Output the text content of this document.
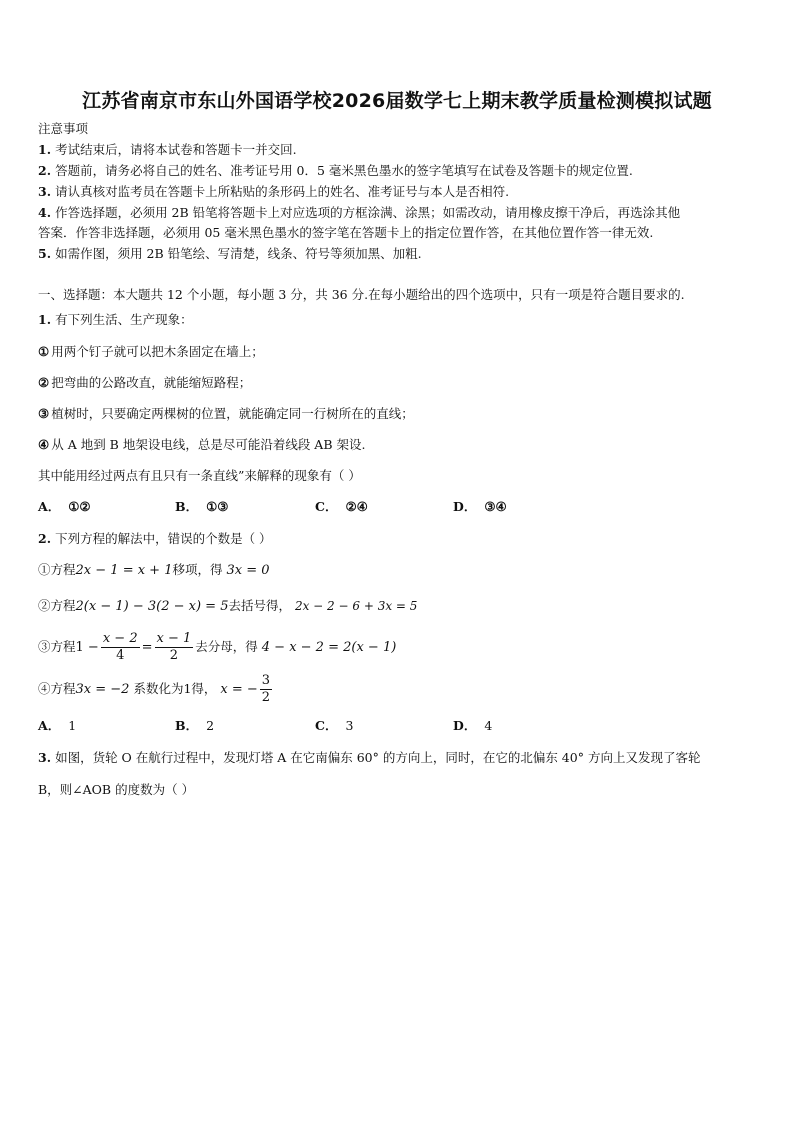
江苏省南京市东山外国语学校2026届数学七上期末教学质量检测模拟试题
注意事项
1. 考试结束后，请将本试卷和答题卡一并交回.
2. 答题前，请务必将自己的姓名、准考证号用 0．5 毫米黑色墨水的签字笔填写在试卷及答题卡的规定位置.
3. 请认真核对监考员在答题卡上所粘贴的条形码上的姓名、准考证号与本人是否相符.
4. 作答选择题，必须用 2B 铅笔将答题卡上对应选项的方框涂满、涂黑；如需改动，请用橡皮擦干净后，再选涂其他
答案．作答非选择题，必须用 05 毫米黑色墨水的签字笔在答题卡上的指定位置作答，在其他位置作答一律无效.
5. 如需作图，须用 2B 铅笔绘、写清楚，线条、符号等须加黑、加粗.
一、选择题：本大题共 12 个小题，每小题 3 分，共 36 分.在每小题给出的四个选项中，只有一项是符合题目要求的.
1. 有下列生活、生产现象：
① 用两个钉子就可以把木条固定在墙上；
② 把弯曲的公路改直，就能缩短路程；
③ 植树时，只要确定两棵树的位置，就能确定同一行树所在的直线；
④ 从 A 地到 B 地架设电线，总是尽可能沿着线段 AB 架设.
其中能用经过两点有且只有一条直线”来解释的现象有（ ）
A． ①②	B． ①③	C． ②④	D． ③④
2. 下列方程的解法中，错误的个数是（ ）
①方程2x − 1 = x + 1移项，得 3x = 0
②方程2(x − 1) − 3(2 − x) = 5去括号得， 2x − 2 − 6 + 3x = 5
③方程$1 - \frac{x - 2}{4} = \frac{x - 1}{2}$ 去分母，得 4 − x − 2 = 2(x − 1)
④方程3x = −2 系数化为1得， x = − $\frac{3}{2}$
A． 1	B． 2	C． 3	D． 4
3. 如图，货轮 O 在航行过程中，发现灯塔 A 在它南偏东 60° 的方向上，同时，在它的北偏东 40° 方向上又发现了客轮
B，则∠AOB 的度数为（ ）
